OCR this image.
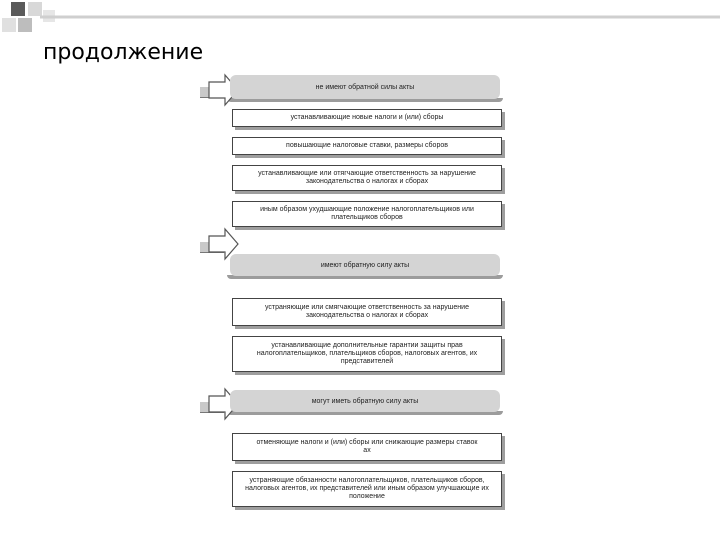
продолжение
не имеют обратной силы акты
устанавливающие новые налоги и (или) сборы
повышающие налоговые ставки, размеры сборов
устанавливающие или отягчающие ответственность за нарушение законодательства о налогах и сборах
иным образом ухудшающие положение налогоплательщиков или плательщиков сборов
имеют обратную силу акты
устраняющие или смягчающие ответственность за нарушение законодательства о налогах и сборах
устанавливающие дополнительные гарантии защиты прав налогоплательщиков, плательщиков сборов, налоговых агентов, их представителей
могут иметь обратную силу акты
отменяющие налоги и (или) сборы или снижающие размеры ставок
ах
устраняющие обязанности налогоплательщиков, плательщиков сборов, налоговых агентов, их представителей или иным образом улучшающие их положение
